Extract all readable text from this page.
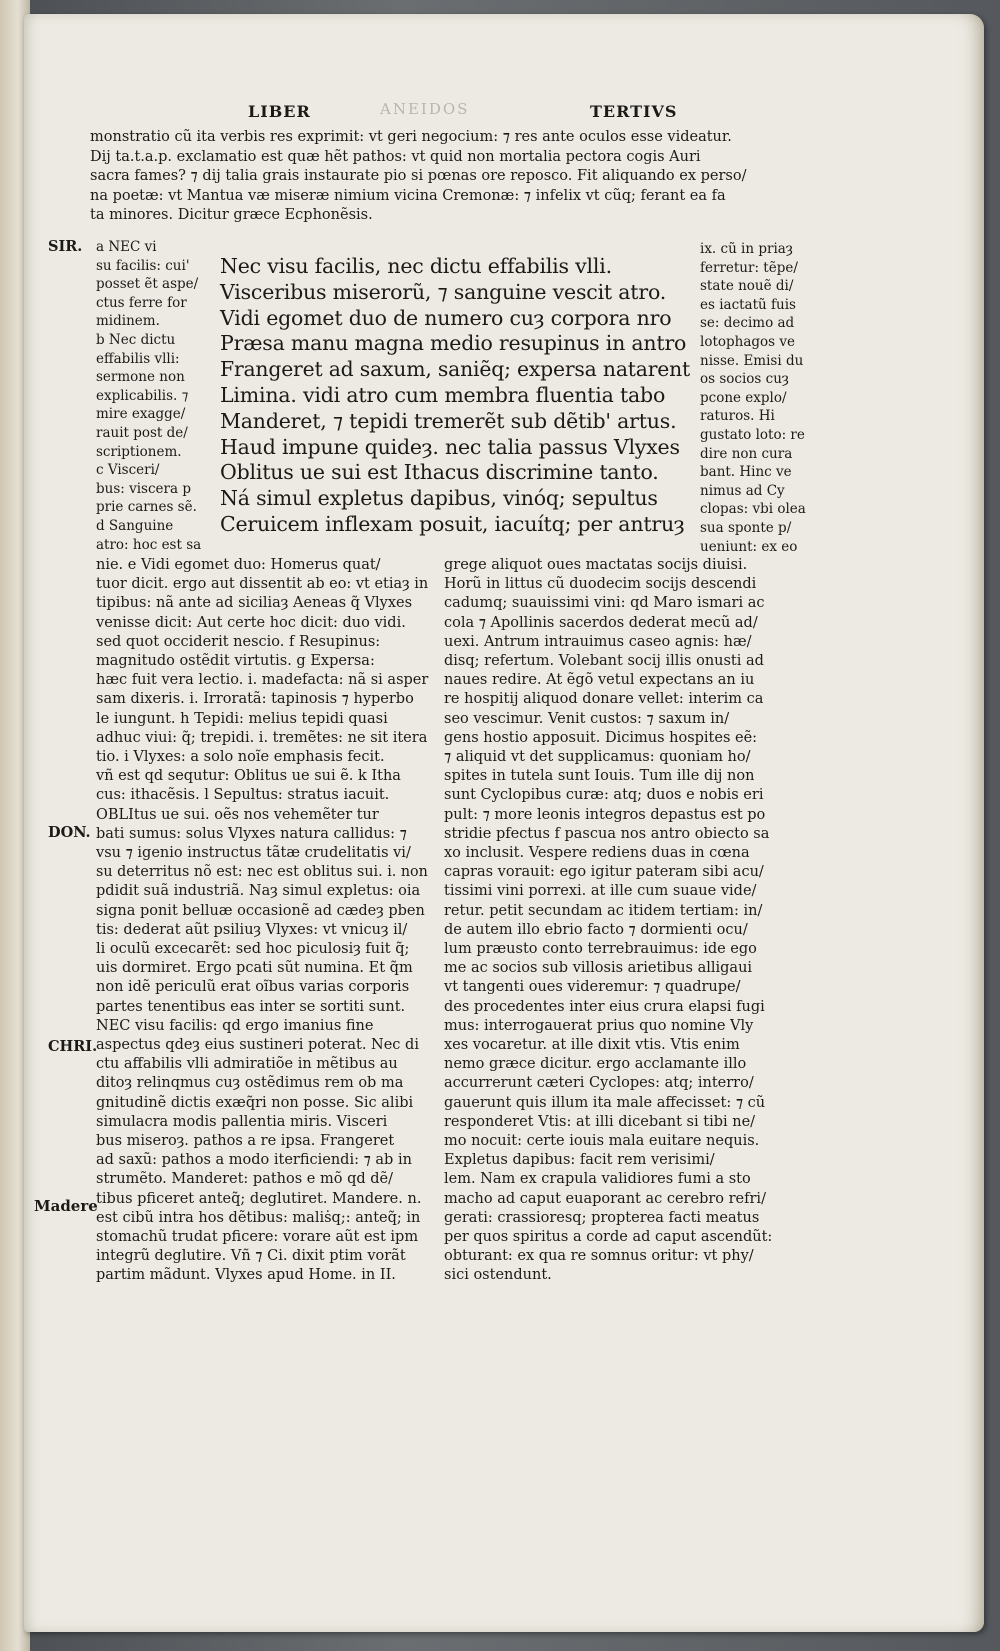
ANEIDOS
LIBER	TERTIVS
SIR.
DON.
CHRI.
Madere
monstratio cũ ita verbis res exprimit: vt geri negocium: ⁊ res ante oculos esse videatur.
Dij ta.t.a.p. exclamatio est quæ hẽt pathos: vt quid non mortalia pectora cogis Auri
sacra fames? ⁊ dij talia grais instaurate pio si pœnas ore reposco. Fit aliquando ex perso/
na poetæ: vt Mantua væ miseræ nimium vicina Cremonæ: ⁊ infelix vt cũq; ferant ea fa
ta minores. Dicitur græce Ecphonẽsis.
a NEC vi
su facilis: cui'
posset ẽt aspe/
ctus ferre for
midinem.
b Nec dictu
effabilis vlli:
sermone non
explicabilis. ⁊
mire exagge/
rauit post de/
scriptionem.
c Visceri/
bus: viscera p
prie carnes sẽ.
d Sanguine
atro: hoc est sa
Nec visu facilis, nec dictu effabilis vlli.
Visceribus miserorũ, ⁊ sanguine vescit atro.
Vidi egomet duo de numero cuȝ corpora nro
Præsa manu magna medio resupinus in antro
Frangeret ad saxum, saniẽq; expersa natarent
Limina. vidi atro cum membra fluentia tabo
Manderet, ⁊ tepidi tremerẽt sub dẽtib' artus.
Haud impune quideȝ. nec talia passus Vlyxes
Oblitus ue sui est Ithacus discrimine tanto.
Ná simul expletus dapibus, vinóq; sepultus
Ceruicem inflexam posuit, iacuítq; per antruȝ
ix. cũ in priaȝ
ferretur: tẽpe/
state nouẽ di/
es iactatũ fuis
se: decimo ad
lotophagos ve
nisse. Emisi du
os socios cuȝ
pcone explo/
raturos. Hi
gustato loto: re
dire non cura
bant. Hinc ve
nimus ad Cy
clopas: vbi olea
sua sponte p/
ueniunt: ex eo
nie. e Vidi egomet duo: Homerus quat/
tuor dicit. ergo aut dissentit ab eo: vt etiaȝ in
tipibus: nã ante ad siciliaȝ Aeneas q̃ Vlyxes
venisse dicit: Aut certe hoc dicit: duo vidi.
sed quot occiderit nescio. f Resupinus:
magnitudo ostẽdit virtutis. g Expersa:
hæc fuit vera lectio. i. madefacta: nã si asper
sam dixeris. i. Irroratã: tapinosis ⁊ hyperbo
le iungunt. h Tepidi: melius tepidi quasi
adhuc viui: q̃; trepidi. i. tremẽtes: ne sit itera
tio. i Vlyxes: a solo noĩe emphasis fecit.
vñ est qd sequtur: Oblitus ue sui ẽ. k Itha
cus: ithacẽsis. l Sepultus: stratus iacuit.
OBLItus ue sui. oẽs nos vehemẽter tur
bati sumus: solus Vlyxes natura callidus: ⁊
vsu ⁊ igenio instructus tãtæ crudelitatis vi/
su deterritus nõ est: nec est oblitus sui. i. non
pdidit suã industriã. Naȝ simul expletus: oia
signa ponit belluæ occasionẽ ad cædeȝ pben
tis: dederat aũt psiliuȝ Vlyxes: vt vnicuȝ il/
li oculũ excecarẽt: sed hoc piculosiȝ fuit q̃;
uis dormiret. Ergo pcati sũt numina. Et q̃m
non idẽ periculũ erat oĩbus varias corporis
partes tenentibus eas inter se sortiti sunt.
NEC visu facilis: qd ergo imanius fine
aspectus qdeȝ eius sustineri poterat. Nec di
ctu affabilis vlli admiratiõe in mẽtibus au
ditoȝ relinqmus cuȝ ostẽdimus rem ob ma
gnitudinẽ dictis exæq̃ri non posse. Sic alibi
simulacra modis pallentia miris. Visceri
bus miseroȝ. pathos a re ipsa. Frangeret
ad saxũ: pathos a modo iterficiendi: ⁊ ab in
strumẽto. Manderet: pathos e mõ qd dẽ/
tibus pficeret anteq̃; deglutiret. Mandere. n.
est cibũ intra hos dẽtibus: maliṡq;: anteq̃; in
stomachũ trudat pficere: vorare aũt est ipm
integrũ deglutire. Vñ ⁊ Ci. dixit ptim vorãt
partim mãdunt. Vlyxes apud Home. in II.
grege aliquot oues mactatas socijs diuisi.
Horũ in littus cũ duodecim socijs descendi
cadumq; suauissimi vini: qd Maro ismari ac
cola ⁊ Apollinis sacerdos dederat mecũ ad/
uexi. Antrum intrauimus caseo agnis: hæ/
disq; refertum. Volebant socij illis onusti ad
naues redire. At ẽgõ vetul expectans an iu
re hospitij aliquod donare vellet: interim ca
seo vescimur. Venit custos: ⁊ saxum in/
gens hostio apposuit. Dicimus hospites eẽ:
⁊ aliquid vt det supplicamus: quoniam ho/
spites in tutela sunt Iouis. Tum ille dij non
sunt Cyclopibus curæ: atq; duos e nobis eri
pult: ⁊ more leonis integros depastus est po
stridie pfectus f pascua nos antro obiecto sa
xo inclusit. Vespere rediens duas in cœna
capras vorauit: ego igitur pateram sibi acu/
tissimi vini porrexi. at ille cum suaue vide/
retur. petit secundam ac itidem tertiam: in/
de autem illo ebrio facto ⁊ dormienti ocu/
lum præusto conto terrebrauimus: ide ego
me ac socios sub villosis arietibus alligaui
vt tangenti oues videremur: ⁊ quadrupe/
des procedentes inter eius crura elapsi fugi
mus: interrogauerat prius quo nomine Vly
xes vocaretur. at ille dixit vtis. Vtis enim
nemo græce dicitur. ergo acclamante illo
accurrerunt cæteri Cyclopes: atq; interro/
gauerunt quis illum ita male affecisset: ⁊ cũ
responderet Vtis: at illi dicebant si tibi ne/
mo nocuit: certe iouis mala euitare nequis.
Expletus dapibus: facit rem verisimi/
lem. Nam ex crapula validiores fumi a sto
macho ad caput euaporant ac cerebro refri/
gerati: crassioresq; propterea facti meatus
per quos spiritus a corde ad caput ascendũt:
obturant: ex qua re somnus oritur: vt phy/
sici ostendunt.
